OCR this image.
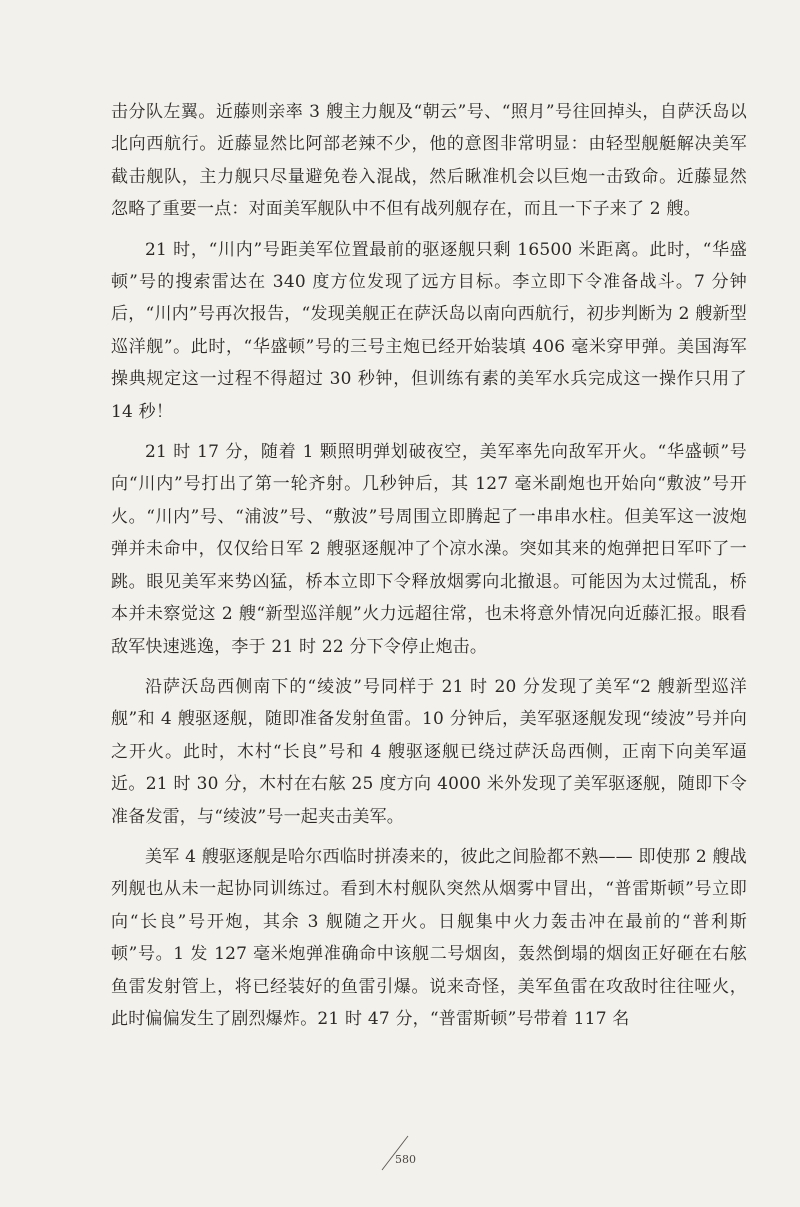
击分队左翼。近藤则亲率 3 艘主力舰及“朝云”号、“照月”号往回掉头，自萨沃岛以北向西航行。近藤显然比阿部老辣不少，他的意图非常明显：由轻型舰艇解决美军截击舰队，主力舰只尽量避免卷入混战，然后瞅准机会以巨炮一击致命。近藤显然忽略了重要一点：对面美军舰队中不但有战列舰存在，而且一下子来了 2 艘。

21 时，“川内”号距美军位置最前的驱逐舰只剩 16500 米距离。此时，“华盛顿”号的搜索雷达在 340 度方位发现了远方目标。李立即下令准备战斗。7 分钟后，“川内”号再次报告，“发现美舰正在萨沃岛以南向西航行，初步判断为 2 艘新型巡洋舰”。此时，“华盛顿”号的三号主炮已经开始装填 406 毫米穿甲弹。美国海军操典规定这一过程不得超过 30 秒钟，但训练有素的美军水兵完成这一操作只用了 14 秒！

21 时 17 分，随着 1 颗照明弹划破夜空，美军率先向敌军开火。“华盛顿”号向“川内”号打出了第一轮齐射。几秒钟后，其 127 毫米副炮也开始向“敷波”号开火。“川内”号、“浦波”号、“敷波”号周围立即腾起了一串串水柱。但美军这一波炮弹并未命中，仅仅给日军 2 艘驱逐舰冲了个凉水澡。突如其来的炮弹把日军吓了一跳。眼见美军来势凶猛，桥本立即下令释放烟雾向北撤退。可能因为太过慌乱，桥本并未察觉这 2 艘“新型巡洋舰”火力远超往常，也未将意外情况向近藤汇报。眼看敌军快速逃逸，李于 21 时 22 分下令停止炮击。

沿萨沃岛西侧南下的“绫波”号同样于 21 时 20 分发现了美军“2 艘新型巡洋舰”和 4 艘驱逐舰，随即准备发射鱼雷。10 分钟后，美军驱逐舰发现“绫波”号并向之开火。此时，木村“长良”号和 4 艘驱逐舰已绕过萨沃岛西侧，正南下向美军逼近。21 时 30 分，木村在右舷 25 度方向 4000 米外发现了美军驱逐舰，随即下令准备发雷，与“绫波”号一起夹击美军。

美军 4 艘驱逐舰是哈尔西临时拼凑来的，彼此之间脸都不熟—— 即使那 2 艘战列舰也从未一起协同训练过。看到木村舰队突然从烟雾中冒出，“普雷斯顿”号立即向“长良”号开炮，其余 3 舰随之开火。日舰集中火力轰击冲在最前的“普利斯顿”号。1 发 127 毫米炮弹准确命中该舰二号烟囱，轰然倒塌的烟囱正好砸在右舷鱼雷发射管上，将已经装好的鱼雷引爆。说来奇怪，美军鱼雷在攻敌时往往哑火，此时偏偏发生了剧烈爆炸。21 时 47 分，“普雷斯顿”号带着 117 名

580
